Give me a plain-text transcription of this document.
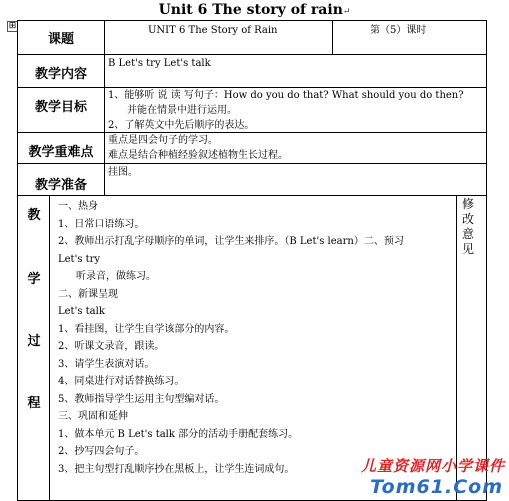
Unit 6 The story of rain↵
⊞
课题
UNIT 6 The Story of Rain	第（5）课时
教学内容
B Let's try Let's talk
教学目标
1、能够听 说 读 写句子：How do you do that? What should you do then?
并能在情景中进行运用。
2、了解英文中先后顺序的表达。
教学重难点
重点是四会句子的学习。
难点是结合种植经验叙述植物生长过程。
教学准备
挂图。
教
学
过
程
修
改
意
见
一、热身
1、日常口语练习。
2、教师出示打乱字母顺序的单词，让学生来排序。（B Let's learn）二、预习
Let's try
听录音，做练习。
二、新课呈现
Let's talk
1、看挂图，让学生自学该部分的内容。
2、听课文录音，跟读。
3、请学生表演对话。
4、同桌进行对话替换练习。
5、教师指导学生运用主句型编对话。
三、巩固和延伸
1、做本单元 B Let's talk 部分的活动手册配套练习。
2、抄写四会句子。
3、把主句型打乱顺序抄在黑板上，让学生连词成句。	儿童资源网小学课件
Tom61.Com
